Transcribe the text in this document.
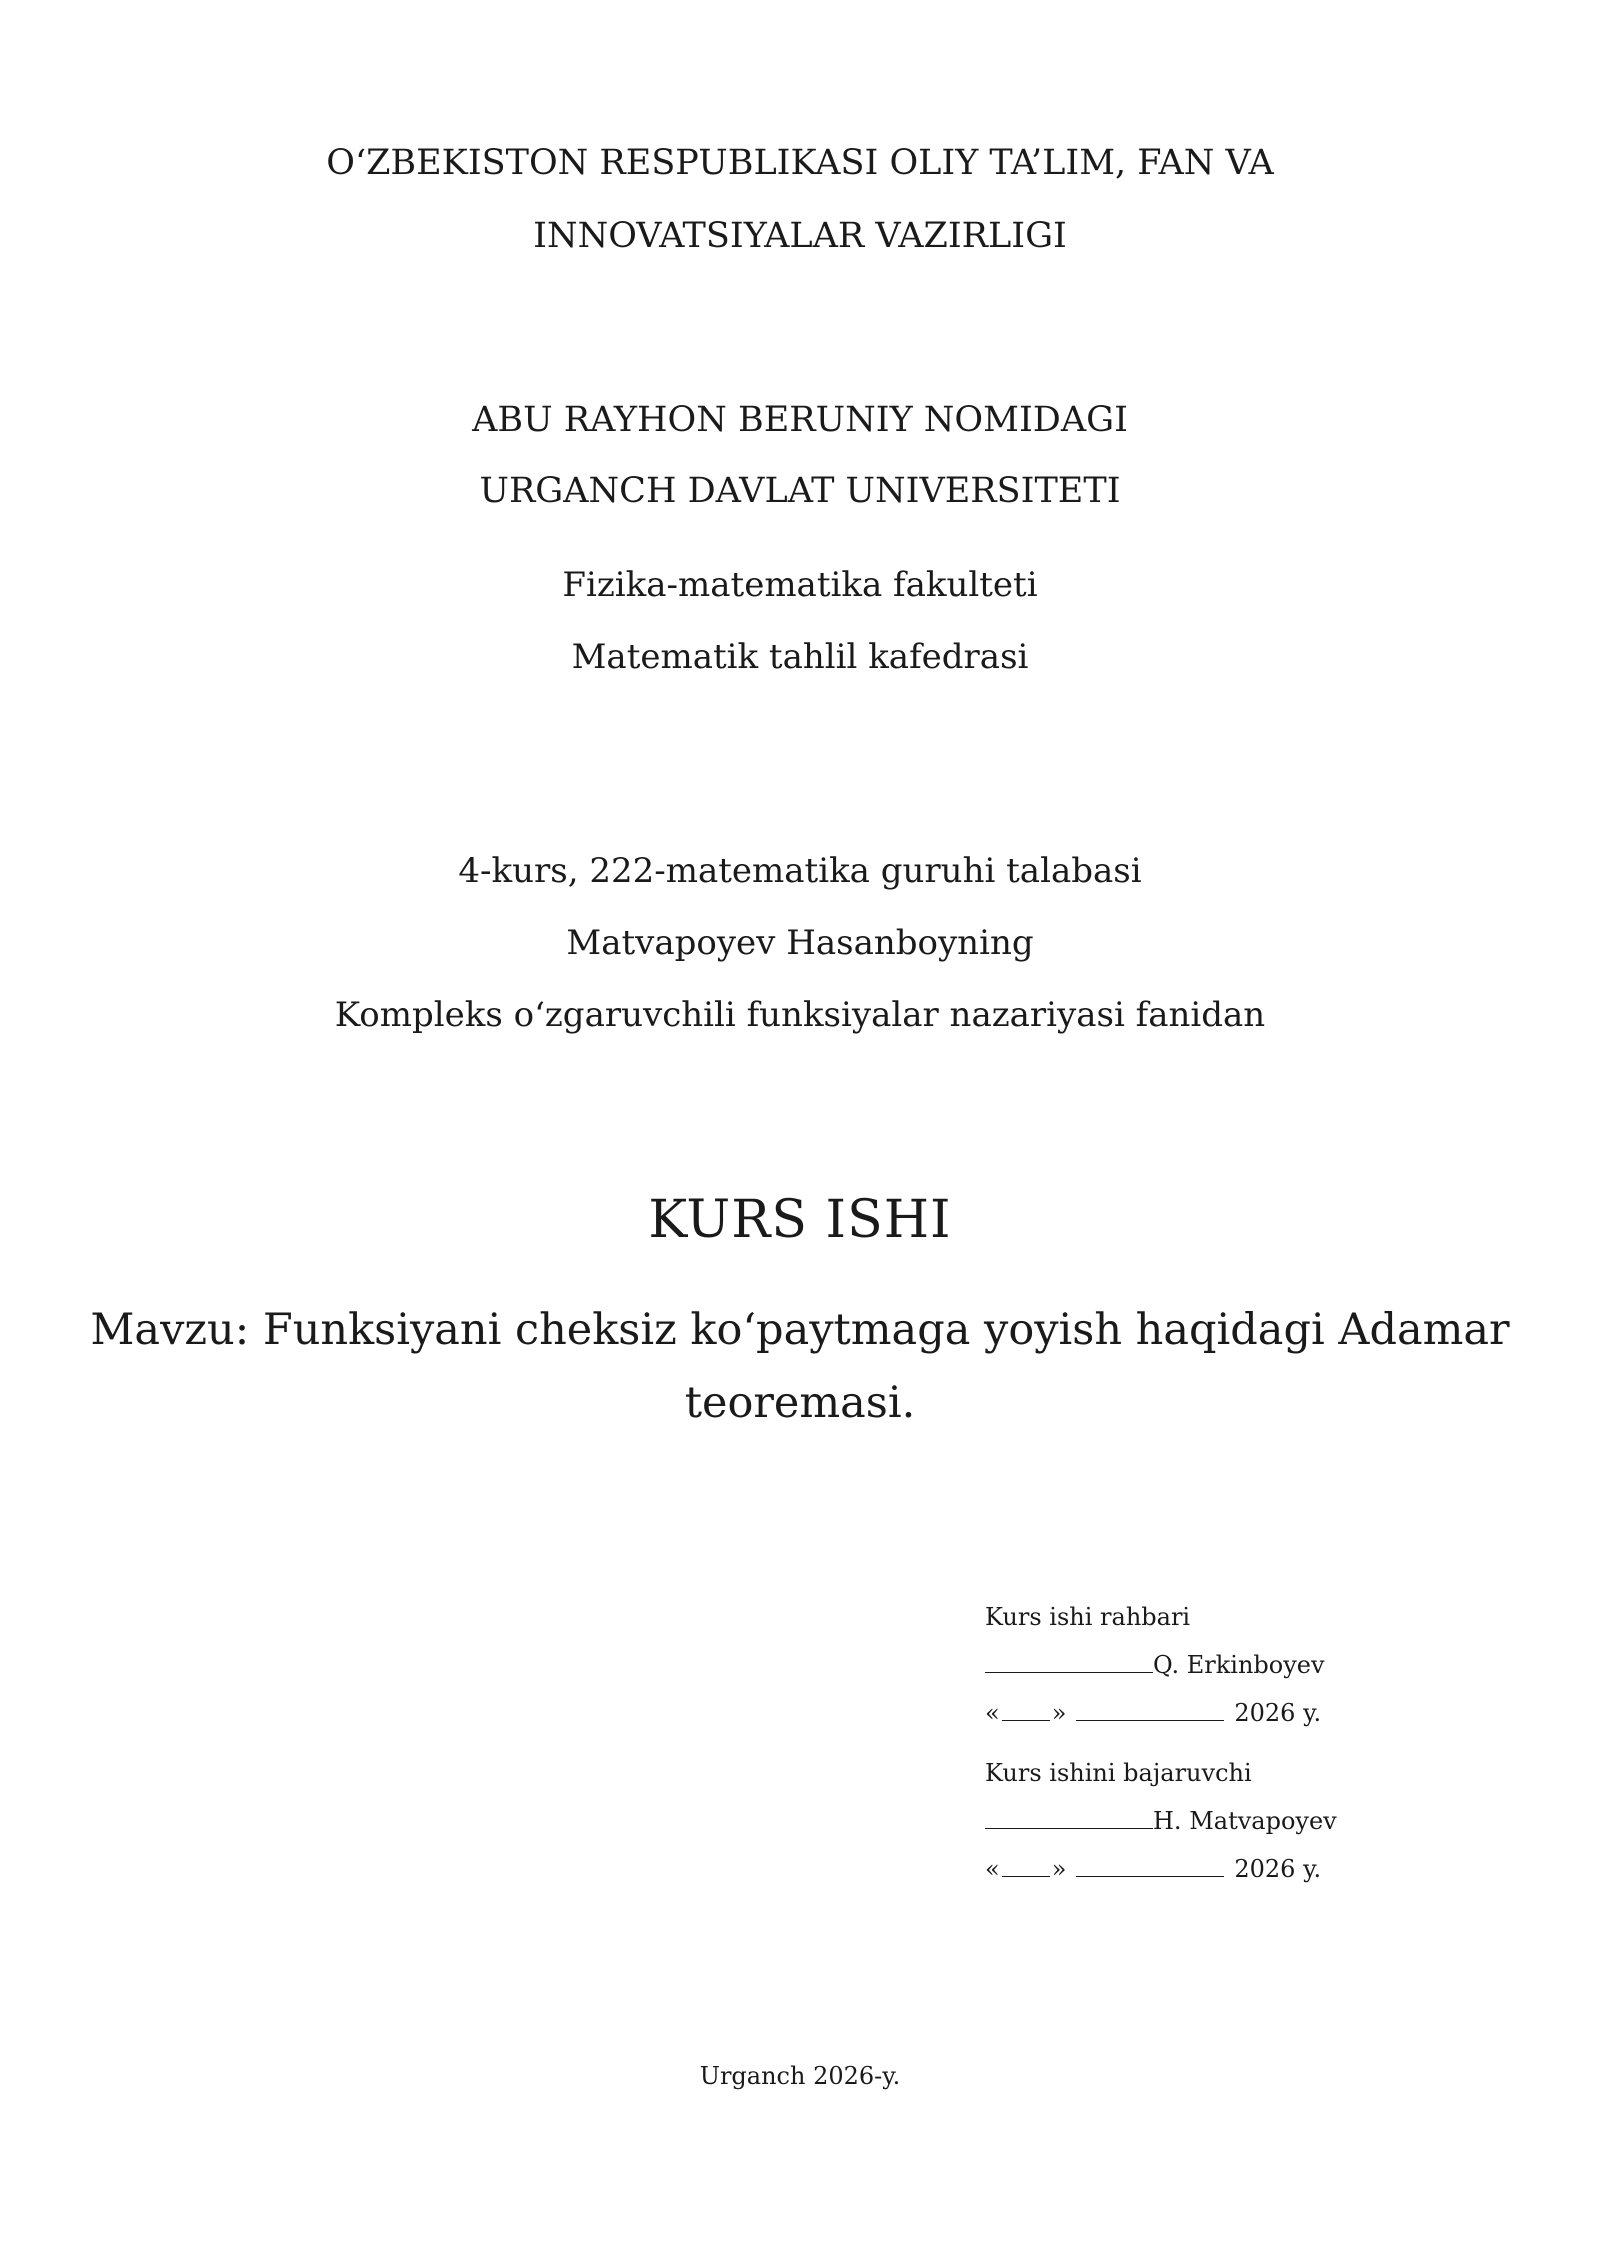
O‘ZBEKISTON RESPUBLIKASI OLIY TA’LIM, FAN VA
INNOVATSIYALAR VAZIRLIGI
ABU RAYHON BERUNIY NOMIDAGI
URGANCH DAVLAT UNIVERSITETI
Fizika-matematika fakulteti
Matematik tahlil kafedrasi
4-kurs, 222-matematika guruhi talabasi
Matvapoyev Hasanboyning
Kompleks o‘zgaruvchili funksiyalar nazariyasi fanidan
KURS ISHI
Mavzu: Funksiyani cheksiz ko‘paytmaga yoyish haqidagi Adamar
teoremasi.
Kurs ishi rahbari
Q. Erkinboyev
« »	2026 y.
Kurs ishini bajaruvchi
H. Matvapoyev
« »	2026 y.
Urganch 2026-y.
